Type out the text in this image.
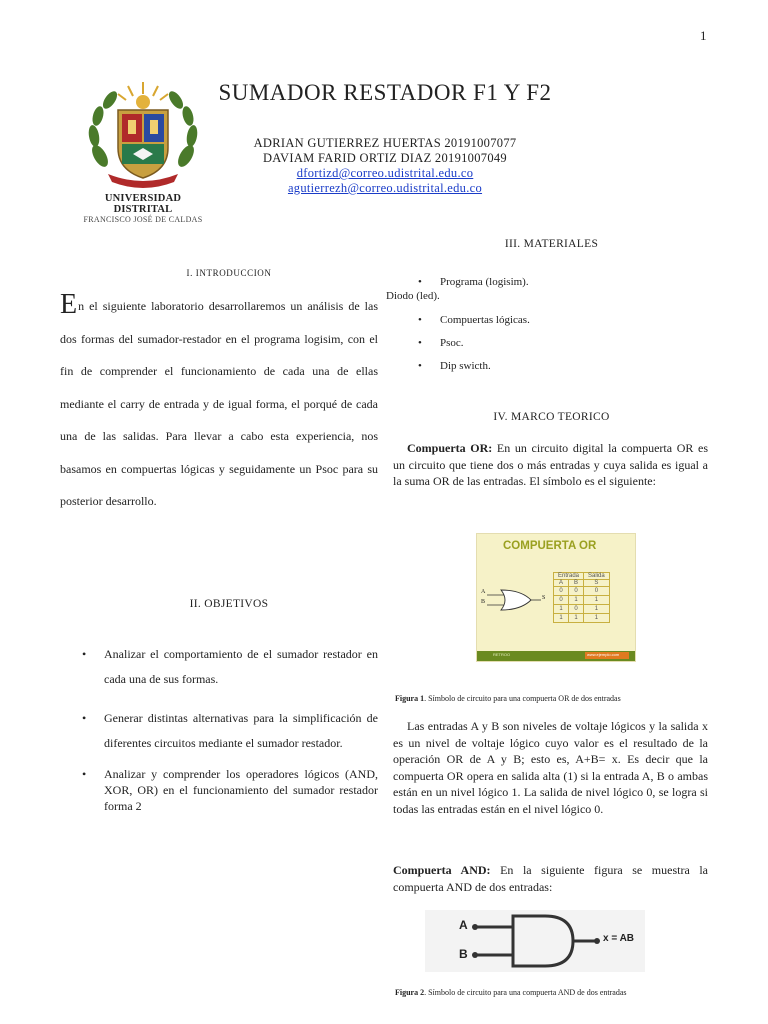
1
UNIVERSIDAD DISTRITAL
FRANCISCO JOSÉ DE CALDAS
SUMADOR RESTADOR F1 Y F2
ADRIAN GUTIERREZ HUERTAS 20191007077
DAVIAM FARID ORTIZ DIAZ 20191007049
dfortizd@correo.udistrital.edu.co
agutierrezh@correo.udistrital.edu.co
I. INTRODUCCION
En el siguiente laboratorio desarrollaremos un análisis de las dos formas del sumador-restador en el programa logisim, con el fin de comprender el funcionamiento de cada una de ellas mediante el carry de entrada y de igual forma, el porqué de cada una de las salidas. Para llevar a cabo esta experiencia, nos basamos en compuertas lógicas y seguidamente un Psoc para su posterior desarrollo.
II. OBJETIVOS
• Analizar el comportamiento de el sumador restador en cada una de sus formas.
• Generar distintas alternativas para la simplificación de diferentes circuitos mediante el sumador restador.
• Analizar y comprender los operadores lógicos (AND, XOR, OR) en el funcionamiento del sumador restador forma 2
III. MATERIALES
• Programa (logisim).
Diodo (led).
• Compuertas lógicas.
• Psoc.
• Dip swicth.
IV. MARCO TEORICO
Compuerta OR: En un circuito digital la compuerta OR es un circuito que tiene dos o más entradas y cuya salida es igual a la suma OR de las entradas. El símbolo es el siguiente:
COMPUERTA OR
A
B
S
Entrada		Salida
A	B	S
0	0	0
0	1	1
1	0	1
1	1	1
RETROO	www.ejemplo.com
Figura 1. Símbolo de circuito para una compuerta OR de dos entradas
Las entradas A y B son niveles de voltaje lógicos y la salida x es un nivel de voltaje lógico cuyo valor es el resultado de la operación OR de A y B; esto es, A+B= x. Es decir que la compuerta OR opera en salida alta (1) si la entrada A, B o ambas están en un nivel lógico 1. La salida de nivel lógico 0, se logra si todas las entradas están en el nivel lógico 0.
Compuerta AND: En la siguiente figura se muestra la compuerta AND de dos entradas:
A
B
x = AB
Figura 2. Símbolo de circuito para una compuerta AND de dos entradas
